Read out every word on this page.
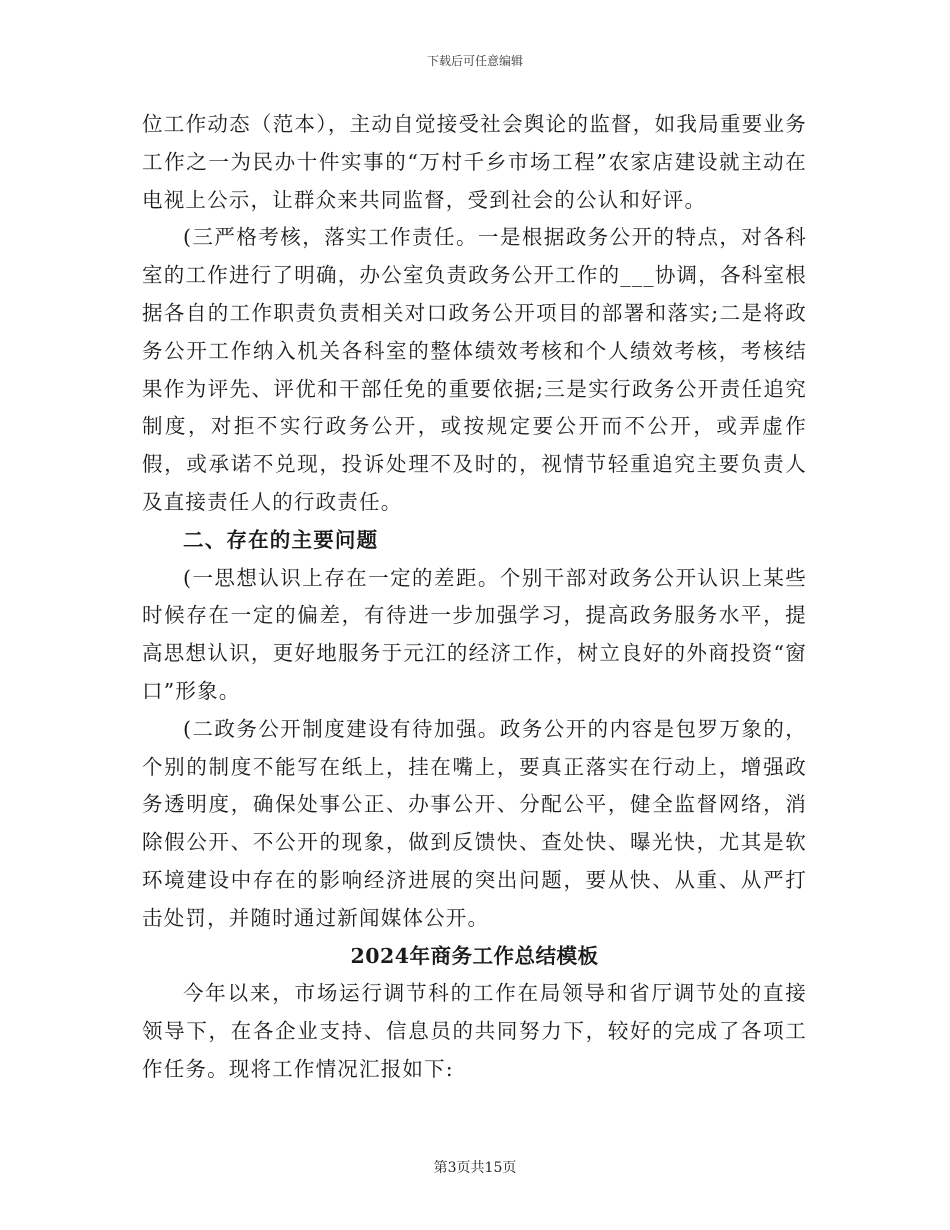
下载后可任意编辑

位工作动态（范本），主动自觉接受社会舆论的监督，如我局重要业务工作之一为民办十件实事的“万村千乡市场工程”农家店建设就主动在电视上公示，让群众来共同监督，受到社会的公认和好评。

(三严格考核，落实工作责任。一是根据政务公开的特点，对各科室的工作进行了明确，办公室负责政务公开工作的___协调，各科室根据各自的工作职责负责相关对口政务公开项目的部署和落实;二是将政务公开工作纳入机关各科室的整体绩效考核和个人绩效考核，考核结果作为评先、评优和干部任免的重要依据;三是实行政务公开责任追究制度，对拒不实行政务公开，或按规定要公开而不公开，或弄虚作假，或承诺不兑现，投诉处理不及时的，视情节轻重追究主要负责人及直接责任人的行政责任。

二、存在的主要问题

(一思想认识上存在一定的差距。个别干部对政务公开认识上某些时候存在一定的偏差，有待进一步加强学习，提高政务服务水平，提高思想认识，更好地服务于元江的经济工作，树立良好的外商投资“窗口”形象。

(二政务公开制度建设有待加强。政务公开的内容是包罗万象的，个别的制度不能写在纸上，挂在嘴上，要真正落实在行动上，增强政务透明度，确保处事公正、办事公开、分配公平，健全监督网络，消除假公开、不公开的现象，做到反馈快、查处快、曝光快，尤其是软环境建设中存在的影响经济进展的突出问题，要从快、从重、从严打击处罚，并随时通过新闻媒体公开。

2024年商务工作总结模板

今年以来，市场运行调节科的工作在局领导和省厅调节处的直接领导下，在各企业支持、信息员的共同努力下，较好的完成了各项工作任务。现将工作情况汇报如下:

第3页共15页
